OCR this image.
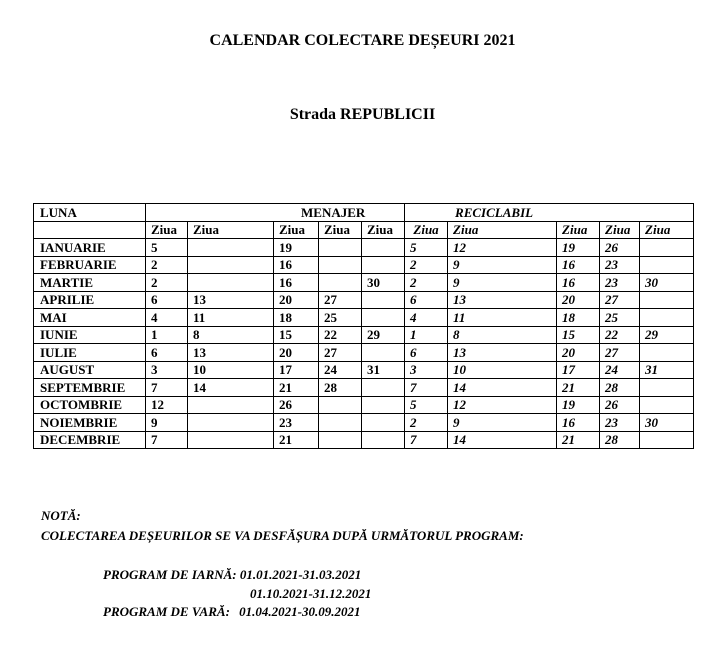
CALENDAR COLECTARE DEȘEURI 2021
Strada REPUBLICII
LUNA	MENAJER					RECICLABIL				
	Ziua	Ziua	Ziua	Ziua	Ziua	Ziua	Ziua	Ziua	Ziua	Ziua
IANUARIE	5		19			5	12	19	26	
FEBRUARIE	2		16			2	9	16	23	
MARTIE	2		16		30	2	9	16	23	30
APRILIE	6	13	20	27		6	13	20	27	
MAI	4	11	18	25		4	11	18	25	
IUNIE	1	8	15	22	29	1	8	15	22	29
IULIE	6	13	20	27		6	13	20	27	
AUGUST	3	10	17	24	31	3	10	17	24	31
SEPTEMBRIE	7	14	21	28		7	14	21	28	
OCTOMBRIE	12		26			5	12	19	26	
NOIEMBRIE	9		23			2	9	16	23	30
DECEMBRIE	7		21			7	14	21	28	
NOTĂ:
COLECTAREA DEȘEURILOR SE VA DESFĂȘURA DUPĂ URMĂTORUL PROGRAM:
PROGRAM DE IARNĂ: 01.01.2021-31.03.2021
01.10.2021-31.12.2021
PROGRAM DE VARĂ: 01.04.2021-30.09.2021
